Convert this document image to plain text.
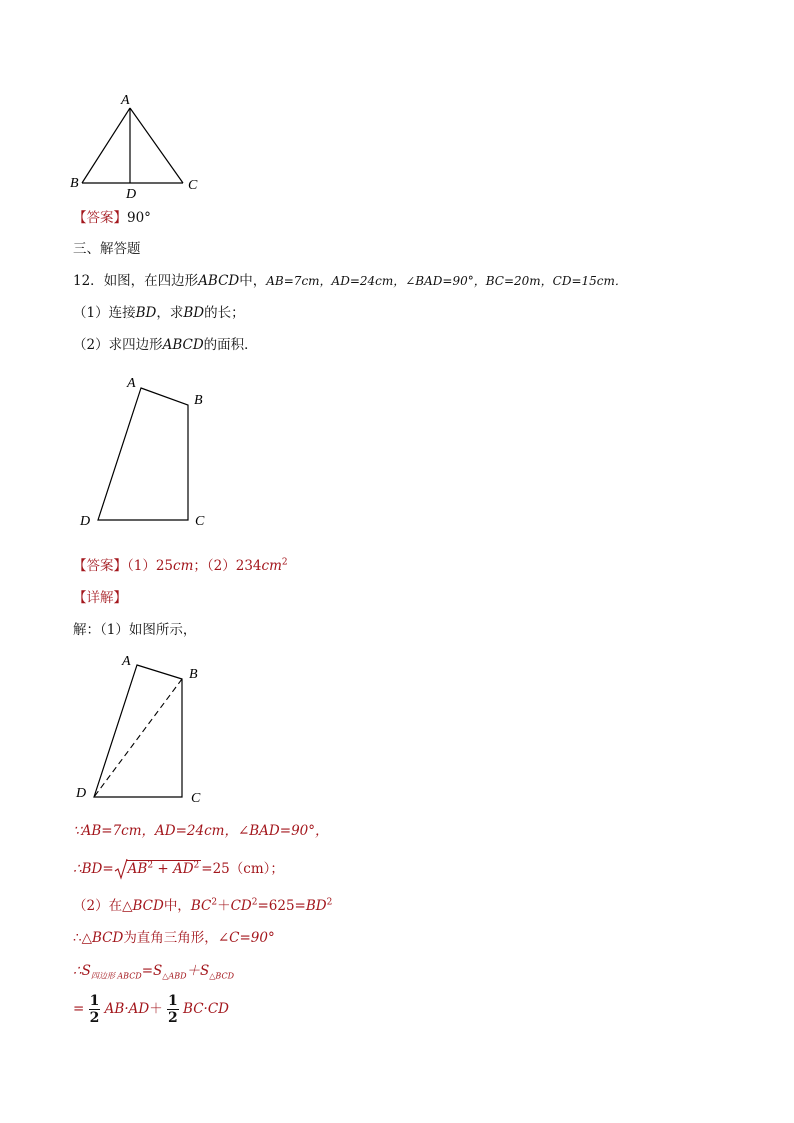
A
B	C
D
【答案】90°
三、解答题
12．如图，在四边形ABCD中，AB=7cm，AD=24cm，∠BAD=90°，BC=20m，CD=15cm．
（1）连接BD，求BD的长；
（2）求四边形ABCD的面积．
A
B
C
D
【答案】（1）25cm；$(2)234cm^2$
【详解】
解：（1）如图所示，
A
B
C
D
∵AB=7cm，AD=24cm，∠BAD=90°，
∴BD= $AB^2 + AD^2 =25(cm)$；
（2）在△BCD中，$BC^2+CD^2=625=BD^2$
∴△BCD为直角三角形，∠C=90°
$\therefore S_{四边形 ABCD}=S_{\triangle ABD}+S_{\triangle BCD}$
= $\frac{1}{2} AB\cdot AD+ \frac{1}{2} BC\cdot CD$
